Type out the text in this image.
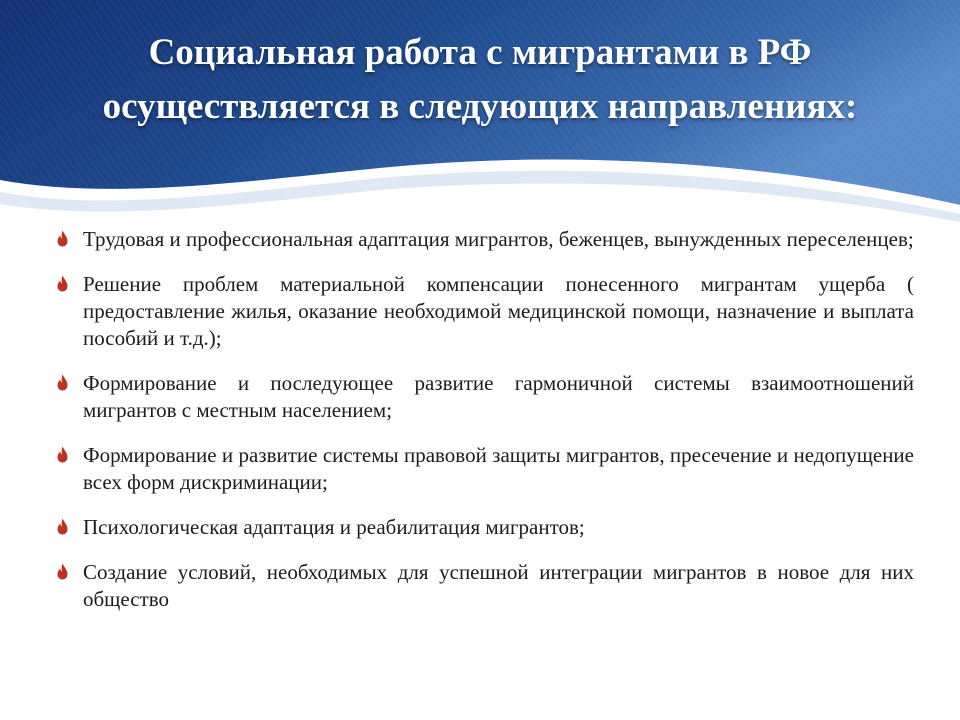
Социальная работа с мигрантами в РФ осуществляется в следующих направлениях:
Трудовая и профессиональная адаптация мигрантов, беженцев, вынужденных переселенцев;
Решение проблем материальной компенсации понесенного мигрантам ущерба ( предоставление жилья, оказание необходимой медицинской помощи, назначение и выплата пособий и т.д.);
Формирование и последующее развитие гармоничной системы взаимоотношений мигрантов с местным населением;
Формирование и развитие системы правовой защиты мигрантов, пресечение и недопущение всех форм дискриминации;
Психологическая адаптация и реабилитация мигрантов;
Создание условий, необходимых для успешной интеграции мигрантов в новое для них общество
